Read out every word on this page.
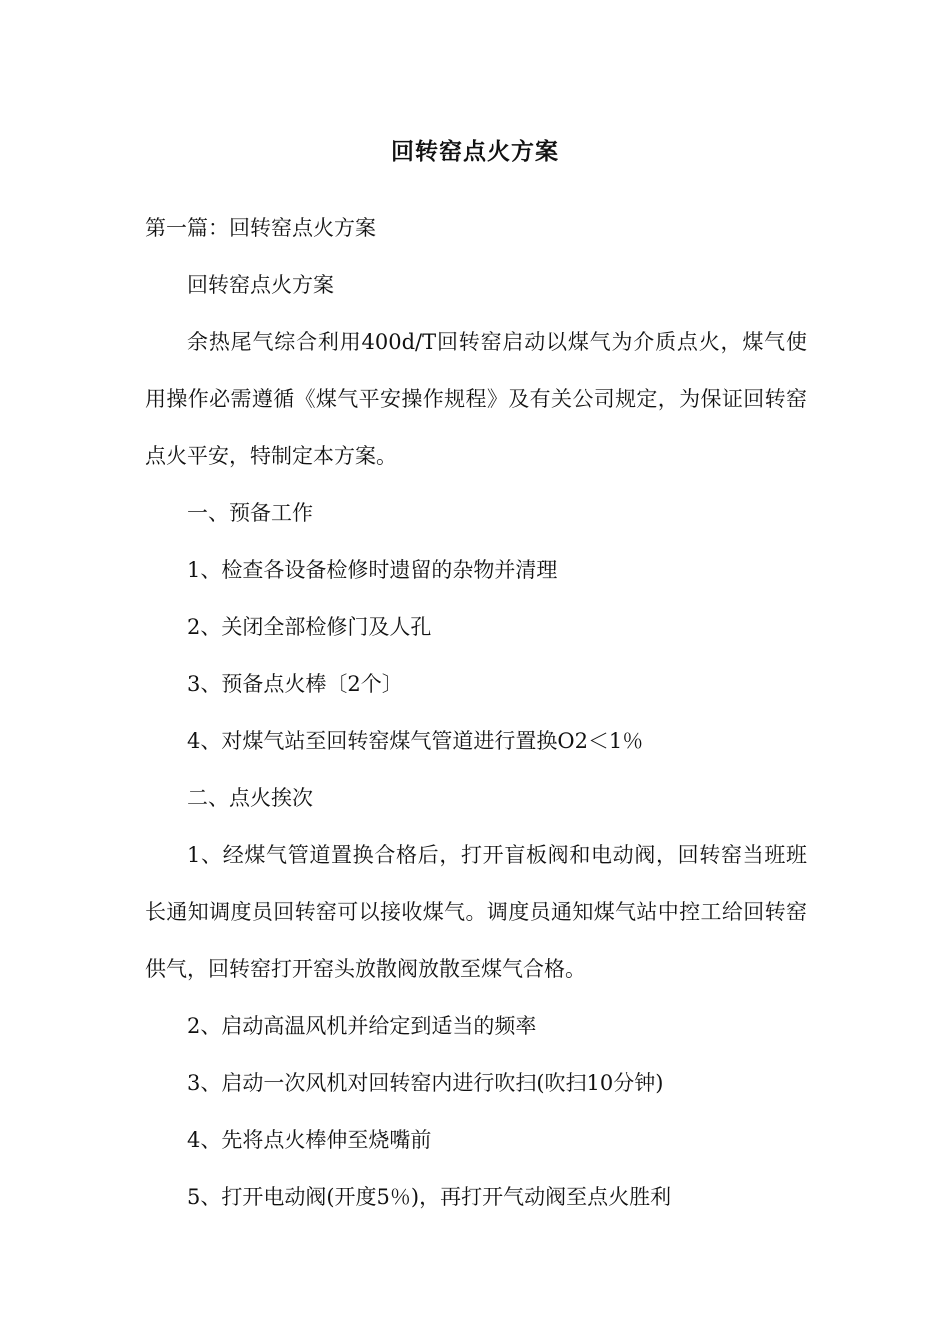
回转窑点火方案

第一篇：回转窑点火方案

回转窑点火方案

余热尾气综合利用400d/T回转窑启动以煤气为介质点火，煤气使用操作必需遵循《煤气平安操作规程》及有关公司规定，为保证回转窑点火平安，特制定本方案。

一、预备工作

1、检查各设备检修时遗留的杂物并清理

2、关闭全部检修门及人孔

3、预备点火棒〔2个〕

4、对煤气站至回转窑煤气管道进行置换O2＜1％

二、点火挨次

1、经煤气管道置换合格后，打开盲板阀和电动阀，回转窑当班班长通知调度员回转窑可以接收煤气。调度员通知煤气站中控工给回转窑供气，回转窑打开窑头放散阀放散至煤气合格。

2、启动高温风机并给定到适当的频率

3、启动一次风机对回转窑内进行吹扫(吹扫10分钟)

4、先将点火棒伸至烧嘴前

5、打开电动阀(开度5％)，再打开气动阀至点火胜利
